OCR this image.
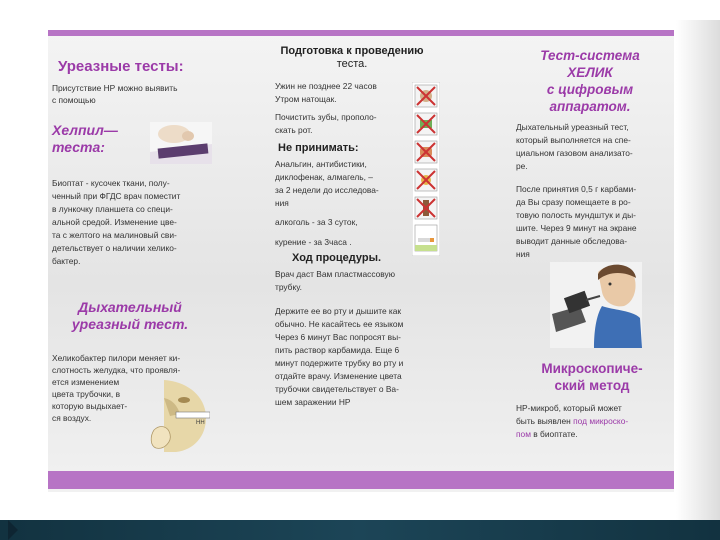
Уреазные тесты:

Присутствие НР можно выявить

с помощью

Хелпил—

теста:

Биоптат - кусочек ткани, полу-

ченный при ФГДС врач поместит

в лункочку планшета со специ-

альной средой. Изменение цве-

та с желтого на малиновый сви-

детельствует о наличии хелико-

бактер.

Дыхательный

уреазный тест.

Хеликобактер пилори меняет ки-

слотность желудка, что проявля-

ется изменением

цвета трубочки, в

которую выдыхает-

ся воздух.	HH

Подготовка к проведению

теста.

Ужин не позднее 22 часов

Утром натощак.

Почистить зубы, прополо-

скать рот.

Не принимать:

Анальгин, антибистики,

диклофенак, алмагель, –

за 2 недели до исследова-

ния

алкоголь - за 3 суток,

курение - за 3часа .

Ход процедуры.

Врач даст Вам пластмассовую

трубку.

Держите ее во рту и дышите как

обычно. Не касайтесь ее языком

Через 6 минут Вас попросят вы-

пить раствор карбамида. Еще 6

минут подержите трубку во рту и

отдайте врачу. Изменение цвета

трубочки свидетельствует о Ва-

шем заражении НР

Тест-система

ХЕЛИК

с цифровым

аппаратом.

Дыхательный уреазный тест,

который выполняется на спе-

циальном газовом анализато-

ре.

После принятия 0,5 г карбами-

да Вы сразу помещаете в ро-

товую полость мундштук и ды-

шите. Через 9 минут на экране

выводит данные обследова-

ния

Микроскопиче-

ский метод

НР-микроб, который может

быть выявлен под микроско-

пом в биоптате.
